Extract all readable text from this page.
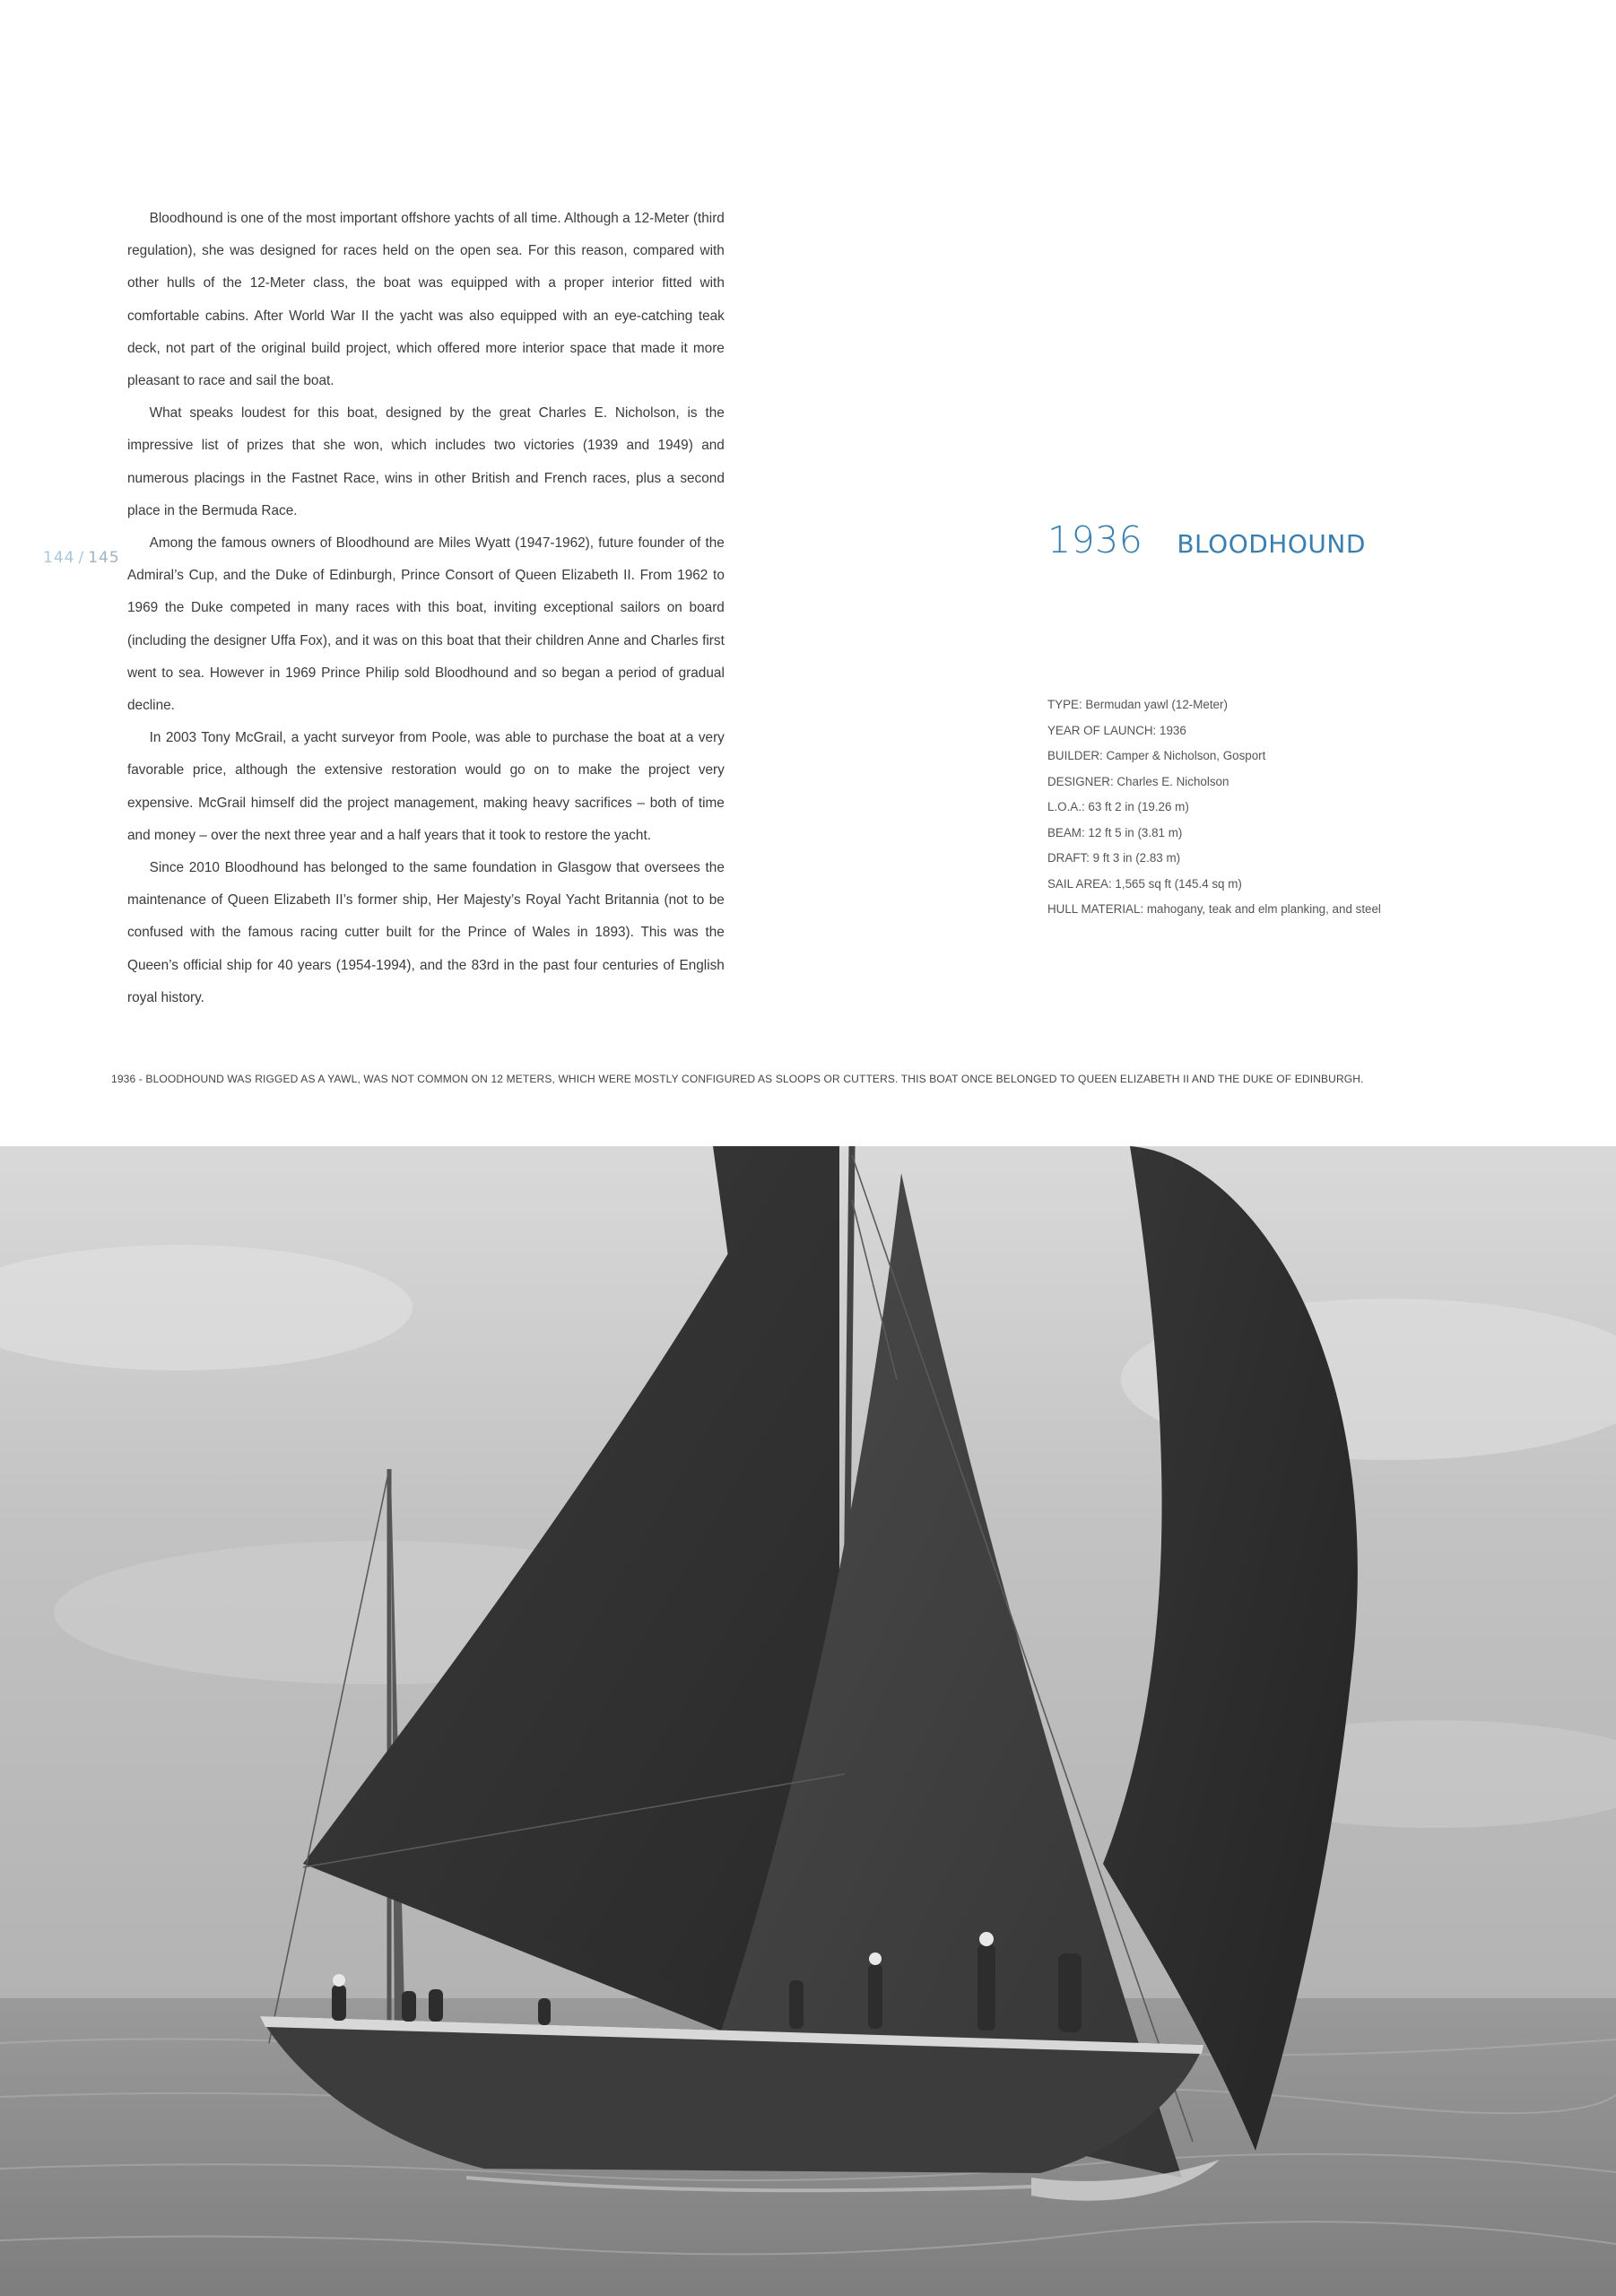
144 / 145

Bloodhound is one of the most important offshore yachts of all time. Although a 12-Meter (third regulation), she was designed for races held on the open sea. For this reason, compared with other hulls of the 12-Meter class, the boat was equipped with a proper interior fitted with comfortable cabins. After World War II the yacht was also equipped with an eye-catching teak deck, not part of the original build project, which offered more interior space that made it more pleasant to race and sail the boat.

What speaks loudest for this boat, designed by the great Charles E. Nicholson, is the impressive list of prizes that she won, which includes two victories (1939 and 1949) and numerous placings in the Fastnet Race, wins in other British and French races, plus a second place in the Bermuda Race.

Among the famous owners of Bloodhound are Miles Wyatt (1947-1962), future founder of the Admiral’s Cup, and the Duke of Edinburgh, Prince Consort of Queen Elizabeth II. From 1962 to 1969 the Duke competed in many races with this boat, inviting exceptional sailors on board (including the designer Uffa Fox), and it was on this boat that their children Anne and Charles first went to sea. However in 1969 Prince Philip sold Bloodhound and so began a period of gradual decline.

In 2003 Tony McGrail, a yacht surveyor from Poole, was able to purchase the boat at a very favorable price, although the extensive restoration would go on to make the project very expensive. McGrail himself did the project management, making heavy sacrifices – both of time and money – over the next three year and a half years that it took to restore the yacht.

Since 2010 Bloodhound has belonged to the same foundation in Glasgow that oversees the maintenance of Queen Elizabeth II’s former ship, Her Majesty’s Royal Yacht Britannia (not to be confused with the famous racing cutter built for the Prince of Wales in 1893). This was the Queen’s official ship for 40 years (1954-1994), and the 83rd in the past four centuries of English royal history.

1936 BLOODHOUND
TYPE: Bermudan yawl (12-Meter)
YEAR OF LAUNCH: 1936
BUILDER: Camper & Nicholson, Gosport
DESIGNER: Charles E. Nicholson
L.O.A.: 63 ft 2 in (19.26 m)
BEAM: 12 ft 5 in (3.81 m)
DRAFT: 9 ft 3 in (2.83 m)
SAIL AREA: 1,565 sq ft (145.4 sq m)
HULL MATERIAL: mahogany, teak and elm planking, and steel
1936 - BLOODHOUND WAS RIGGED AS A YAWL, WAS NOT COMMON ON 12 METERS, WHICH WERE MOSTLY CONFIGURED AS SLOOPS OR CUTTERS. THIS BOAT ONCE BELONGED TO QUEEN ELIZABETH II AND THE DUKE OF EDINBURGH.
